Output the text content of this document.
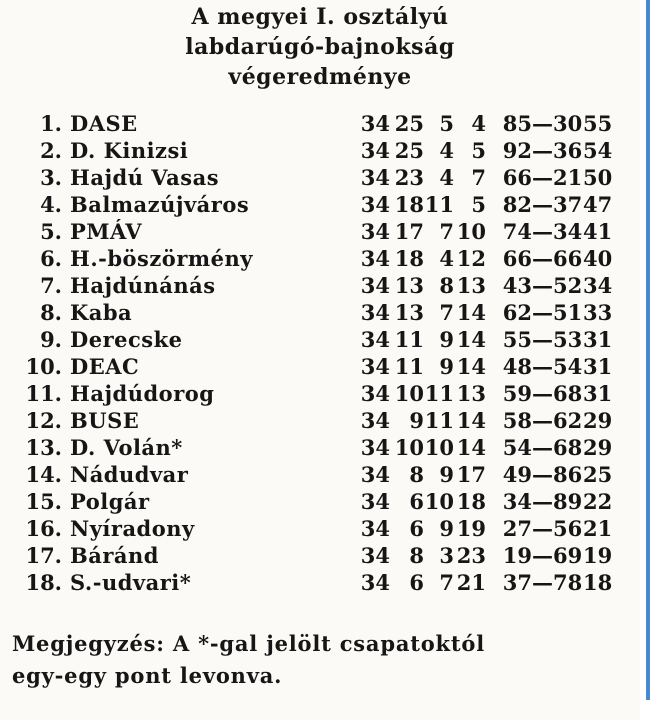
A megyei I. osztályú
labdarúgó-bajnokság
végeredménye
1.	DASE	34	25	5	4	85	—30	55
2.	D. Kinizsi	34	25	4	5	92	—36	54
3.	Hajdú Vasas	34	23	4	7	66	—21	50
4.	Balmazújváros	34	18	11	5	82	—37	47
5.	PMÁV	34	17	7	10	74	—34	41
6.	H.-böszörmény	34	18	4	12	66	—66	40
7.	Hajdúnánás	34	13	8	13	43	—52	34
8.	Kaba	34	13	7	14	62	—51	33
9.	Derecske	34	11	9	14	55	—53	31
10.	DEAC	34	11	9	14	48	—54	31
11.	Hajdúdorog	34	10	11	13	59	—68	31
12.	BUSE	34	9	11	14	58	—62	29
13.	D. Volán*	34	10	10	14	54	—68	29
14.	Nádudvar	34	8	9	17	49	—86	25
15.	Polgár	34	6	10	18	34	—89	22
16.	Nyíradony	34	6	9	19	27	—56	21
17.	Báránd	34	8	3	23	19	—69	19
18.	S.-udvari*	34	6	7	21	37	—78	18
Megjegyzés: A *-gal jelölt csapatoktól
egy-egy pont levonva.
